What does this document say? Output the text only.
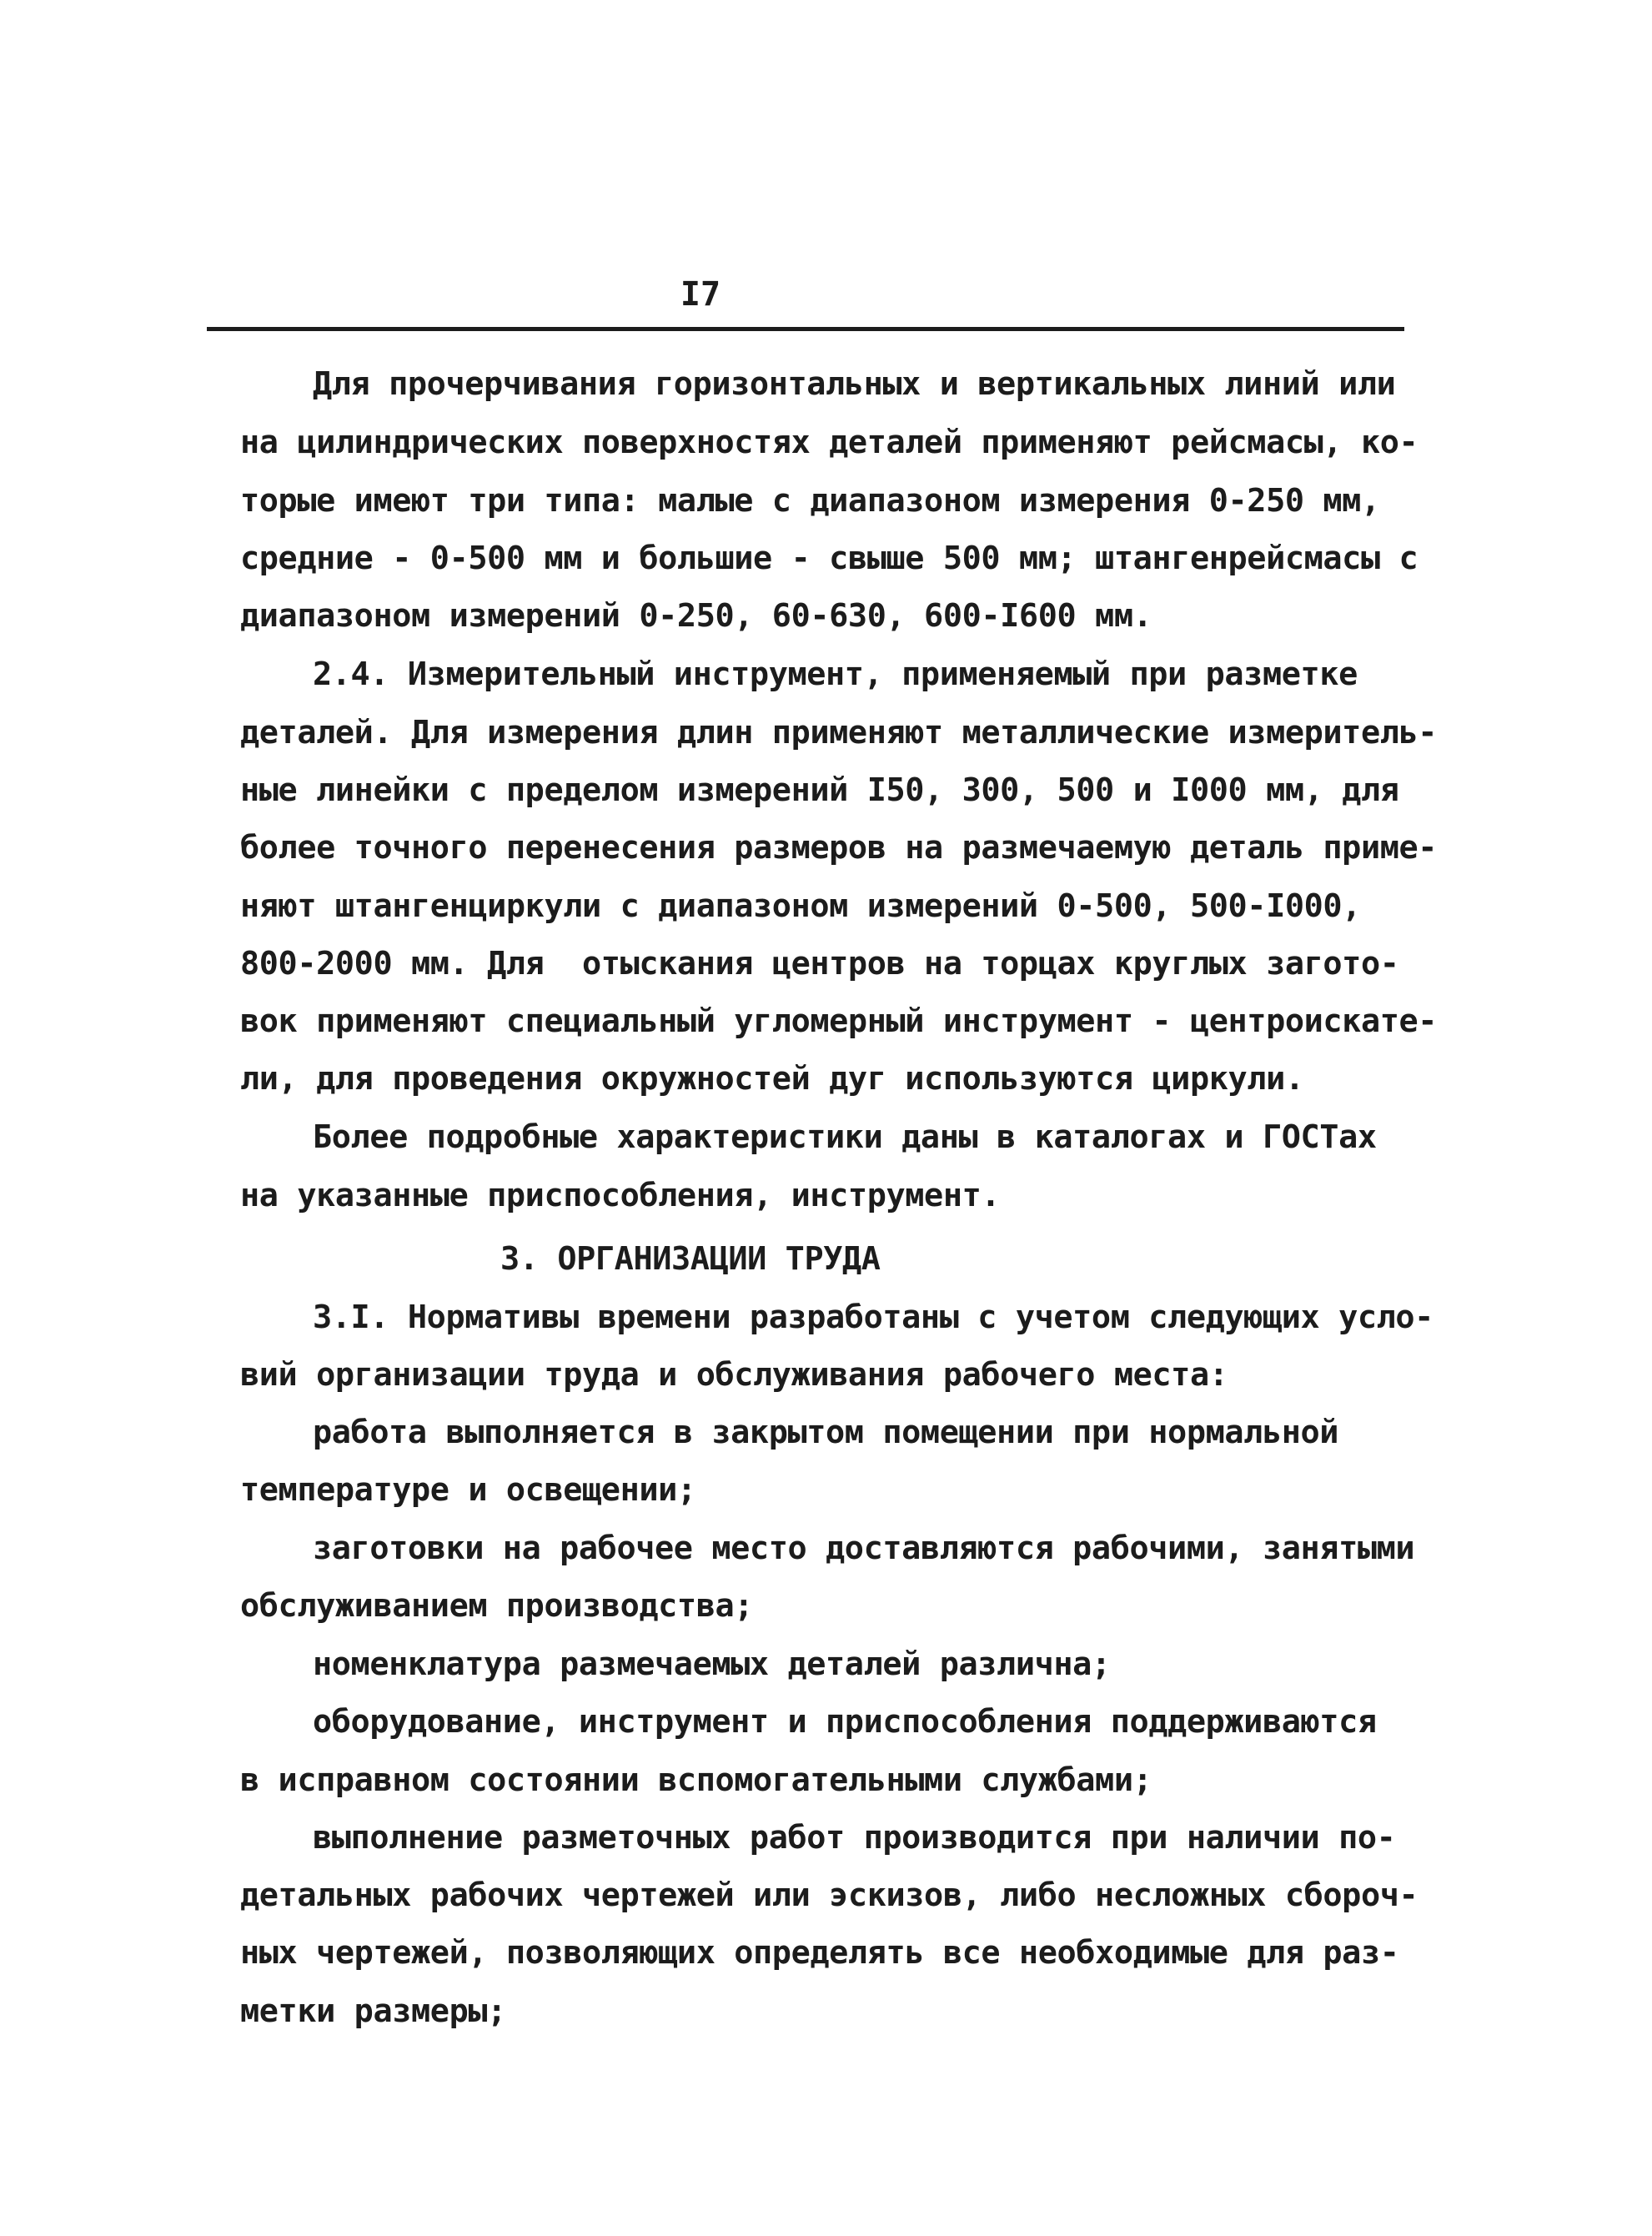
I7
Для прочерчивания горизонтальных и вертикальных линий или
на цилиндрических поверхностях деталей применяют рейсмасы, ко-
торые имеют три типа: малые с диапазоном измерения 0-250 мм,
средние - 0-500 мм и большие - свыше 500 мм; штангенрейсмасы с
диапазоном измерений 0-250, 60-630, 600-I600 мм.
2.4. Измерительный инструмент, применяемый при разметке
деталей. Для измерения длин применяют металлические измеритель-
ные линейки с пределом измерений I50, 300, 500 и I000 мм, для
более точного перенесения размеров на размечаемую деталь приме-
няют штангенциркули с диапазоном измерений 0-500, 500-I000,
800-2000 мм. Для  отыскания центров на торцах круглых загото-
вок применяют специальный угломерный инструмент - центроискате-
ли, для проведения окружностей дуг используются циркули.
Более подробные характеристики даны в каталогах и ГОСТах
на указанные приспособления, инструмент.
3. ОРГАНИЗАЦИИ ТРУДА
3.I. Нормативы времени разработаны с учетом следующих усло-
вий организации труда и обслуживания рабочего места:
работа выполняется в закрытом помещении при нормальной
температуре и освещении;
заготовки на рабочее место доставляются рабочими, занятыми
обслуживанием производства;
номенклатура размечаемых деталей различна;
оборудование, инструмент и приспособления поддерживаются
в исправном состоянии вспомогательными службами;
выполнение разметочных работ производится при наличии по-
детальных рабочих чертежей или эскизов, либо несложных сбороч-
ных чертежей, позволяющих определять все необходимые для раз-
метки размеры;
